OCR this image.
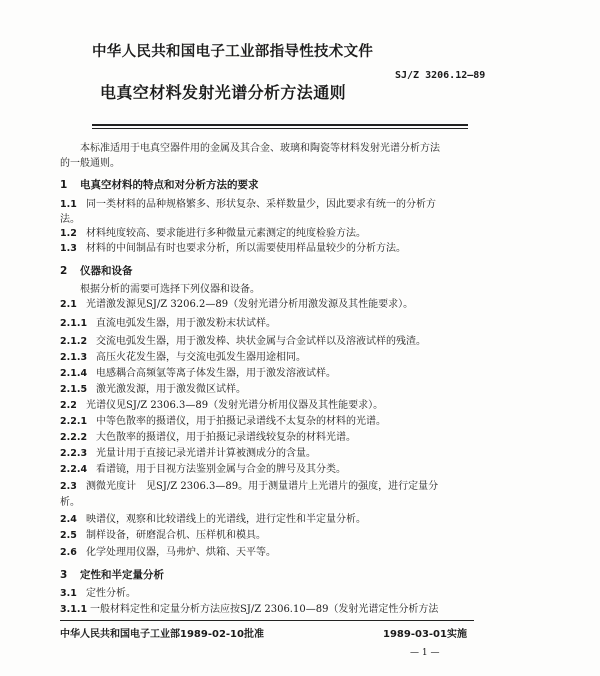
中华人民共和国电子工业部指导性技术文件
SJ/Z 3206.12—89
电真空材料发射光谱分析方法通则
本标准适用于电真空器件用的金属及其合金、玻璃和陶瓷等材料发射光谱分析方法
的一般通则。
1 电真空材料的特点和对分析方法的要求
1.1 同一类材料的品种规格繁多、形状复杂、采样数量少，因此要求有统一的分析方
法。
1.2 材料纯度较高、要求能进行多种微量元素测定的纯度检验方法。
1.3 材料的中间制品有时也要求分析，所以需要使用样品量较少的分析方法。
2 仪器和设备
根据分析的需要可选择下列仪器和设备。
2.1 光谱激发源见SJ/Z 3206.2—89（发射光谱分析用激发源及其性能要求）。
2.1.1 直流电弧发生器，用于激发粉末状试样。
2.1.2 交流电弧发生器，用于激发棒、块状金属与合金试样以及溶液试样的残渣。
2.1.3 高压火花发生器，与交流电弧发生器用途相同。
2.1.4 电感耦合高频氩等离子体发生器，用于激发溶液试样。
2.1.5 激光激发源，用于激发微区试样。
2.2 光谱仪见SJ/Z 2306.3—89（发射光谱分析用仪器及其性能要求）。
2.2.1 中等色散率的摄谱仪，用于拍摄记录谱线不太复杂的材料的光谱。
2.2.2 大色散率的摄谱仪，用于拍摄记录谱线较复杂的材料光谱。
2.2.3 光量计用于直接记录光谱并计算被测成分的含量。
2.2.4 看谱镜，用于目视方法鉴别金属与合金的牌号及其分类。
2.3 测微光度计　见SJ/Z 2306.3—89。用于测量谱片上光谱片的强度，进行定量分
析。
2.4 映谱仪，观察和比较谱线上的光谱线，进行定性和半定量分析。
2.5 制样设备，研磨混合机、压样机和模具。
2.6 化学处理用仪器，马弗炉、烘箱、天平等。
3 定性和半定量分析
3.1 定性分析。
3.1.1 一般材料定性和定量分析方法应按SJ/Z 2306.10—89（发射光谱定性分析方法
中华人民共和国电子工业部1989-02-10批准	1989-03-01实施
— 1 —
